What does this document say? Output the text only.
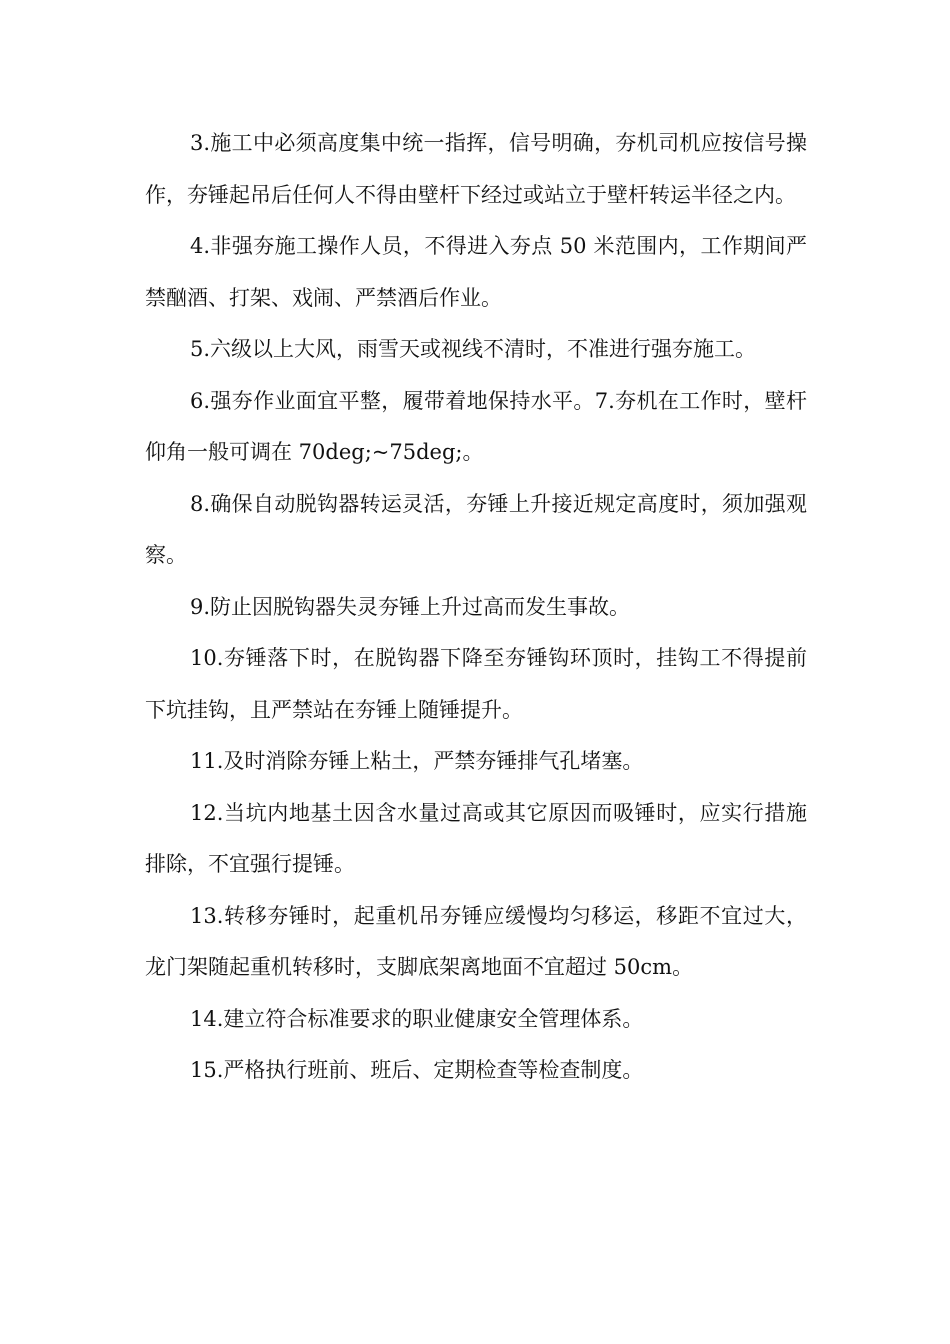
3.施工中必须高度集中统一指挥，信号明确，夯机司机应按信号操作，夯锤起吊后任何人不得由壁杆下经过或站立于壁杆转运半径之内。

4.非强夯施工操作人员，不得进入夯点 50 米范围内，工作期间严禁酗酒、打架、戏闹、严禁酒后作业。

5.六级以上大风，雨雪天或视线不清时，不准进行强夯施工。

6.强夯作业面宜平整，履带着地保持水平。7.夯机在工作时，壁杆仰角一般可调在 70deg;~75deg;。

8.确保自动脱钩器转运灵活，夯锤上升接近规定高度时，须加强观察。

9.防止因脱钩器失灵夯锤上升过高而发生事故。

10.夯锤落下时，在脱钩器下降至夯锤钩环顶时，挂钩工不得提前下坑挂钩，且严禁站在夯锤上随锤提升。

11.及时消除夯锤上粘土，严禁夯锤排气孔堵塞。

12.当坑内地基土因含水量过高或其它原因而吸锤时，应实行措施排除，不宜强行提锤。

13.转移夯锤时，起重机吊夯锤应缓慢均匀移运，移距不宜过大，龙门架随起重机转移时，支脚底架离地面不宜超过 50cm。

14.建立符合标准要求的职业健康安全管理体系。

15.严格执行班前、班后、定期检查等检查制度。
